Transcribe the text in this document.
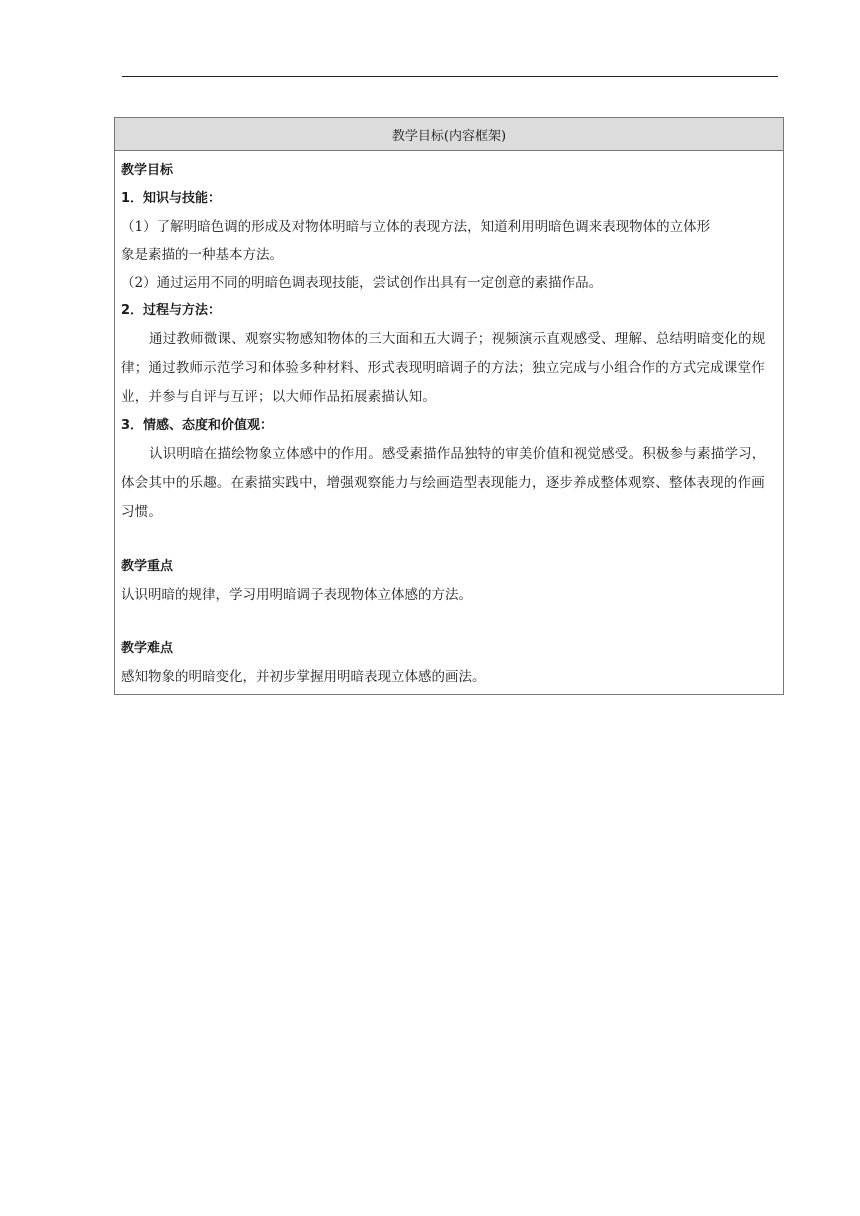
教学目标(内容框架)
教学目标
1．知识与技能：
（1）了解明暗色调的形成及对物体明暗与立体的表现方法，知道利用明暗色调来表现物体的立体形
象是素描的一种基本方法。
（2）通过运用不同的明暗色调表现技能，尝试创作出具有一定创意的素描作品。
2．过程与方法：
通过教师微课、观察实物感知物体的三大面和五大调子；视频演示直观感受、理解、总结明暗变化的规律；通过教师示范学习和体验多种材料、形式表现明暗调子的方法；独立完成与小组合作的方式完成课堂作业，并参与自评与互评；以大师作品拓展素描认知。
3．情感、态度和价值观：
认识明暗在描绘物象立体感中的作用。感受素描作品独特的审美价值和视觉感受。积极参与素描学习，体会其中的乐趣。在素描实践中，增强观察能力与绘画造型表现能力，逐步养成整体观察、整体表现的作画习惯。
教学重点
认识明暗的规律，学习用明暗调子表现物体立体感的方法。
教学难点
感知物象的明暗变化，并初步掌握用明暗表现立体感的画法。
